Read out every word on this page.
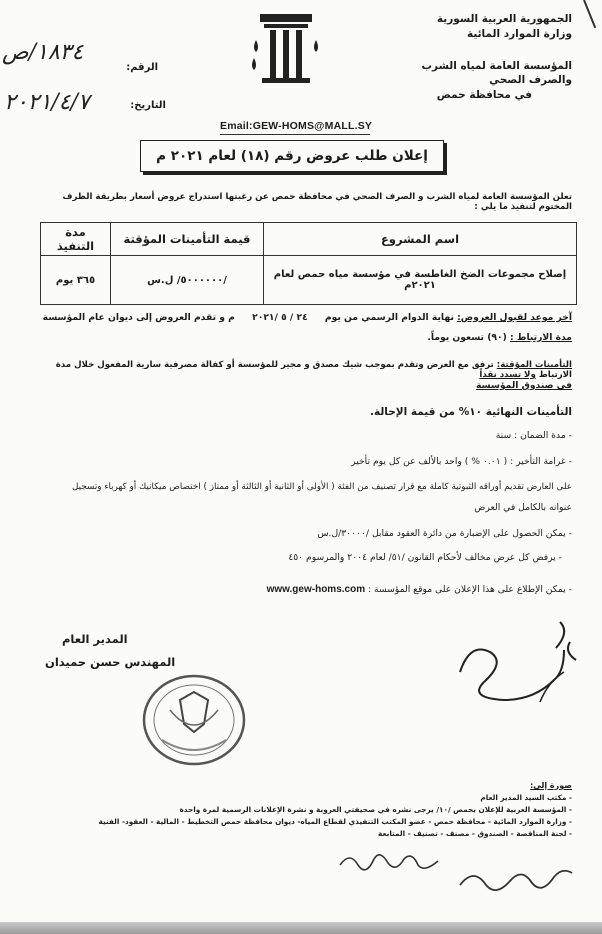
الجمهورية العربية السورية
وزارة الموارد المائية
المؤسسة العامة لمياه الشرب والصرف الصحي
في محافظة حمص
الرقم:
١٨٣٤/ص
التاريخ:
٢٠٢١/٤/٧
Email:GEW-HOMS@MALL.SY
إعلان طلب عروض رقم (١٨) لعام ٢٠٢١ م
تعلن المؤسسة العامة لمياه الشرب و الصرف الصحي في محافظة حمص عن رغبتها استدراج عروض أسعار بطريقة الظرف المختوم لتنفيذ ما يلي :
اسم المشروع	قيمة التأمينات المؤقتة	مدة التنفيذ
إصلاح مجموعات الضخ الغاطسة في مؤسسة مياه حمص لعام ٢٠٢١م	/٥٠٠٠٠٠٠/ ل.س	٣٦٥ يوم
آخر موعد لقبول العروض: نهاية الدوام الرسمي من يوم ٢٤ / ٥ /٢٠٢١ م و تقدم العروض إلى ديوان عام المؤسسة
مدة الارتباط : (٩٠) تسعون يوماً.
التأمينات المؤقتة: ترفق مع العرض وتقدم بموجب شيك مصدق و مجير للمؤسسة أو كفالة مصرفية سارية المفعول خلال مدة الارتباط ولا تسدد نقداً
في صندوق المؤسسة
التأمينات النهائية ١٠% من قيمة الإحالة.
- مدة الضمان : سنة
- غرامة التأخير : ( ٠.٠١ % ) واحد بالألف عن كل يوم تأخير
على العارض تقديم أوراقه الثبوتية كاملة مع قرار تصنيف من الفئة ( الأولى أو الثانية أو الثالثة أو ممتاز ) اختصاص ميكانيك أو كهرباء وتسجيل
عنوانه بالكامل في العرض
- يمكن الحصول على الإضبارة من دائرة العقود مقابل /٣٠٠٠٠/ل.س
- يرفض كل عرض مخالف لأحكام القانون /٥١/ لعام ٢٠٠٤ والمرسوم ٤٥٠
- يمكن الإطلاع على هذا الإعلان على موقع المؤسسة : www.gew-homs.com
المدير العام
المهندس حسن حميدان
صورة إلى:
- مكتب السيد المدير العام
- المؤسسة العربية للإعلان بحمص /١٠/ يرجى نشره في صحيفتي العروبة و نشرة الإعلانات الرسمية لمرة واحدة
- وزارة الموارد المائية - محافظة حمص - عضو المكتب التنفيذي لقطاع المياه- ديوان محافظة حمص التخطيط - المالية - العقود- الفنية
- لجنة المناقصة - الصندوق - مصنف - تصنيف - المتابعة
